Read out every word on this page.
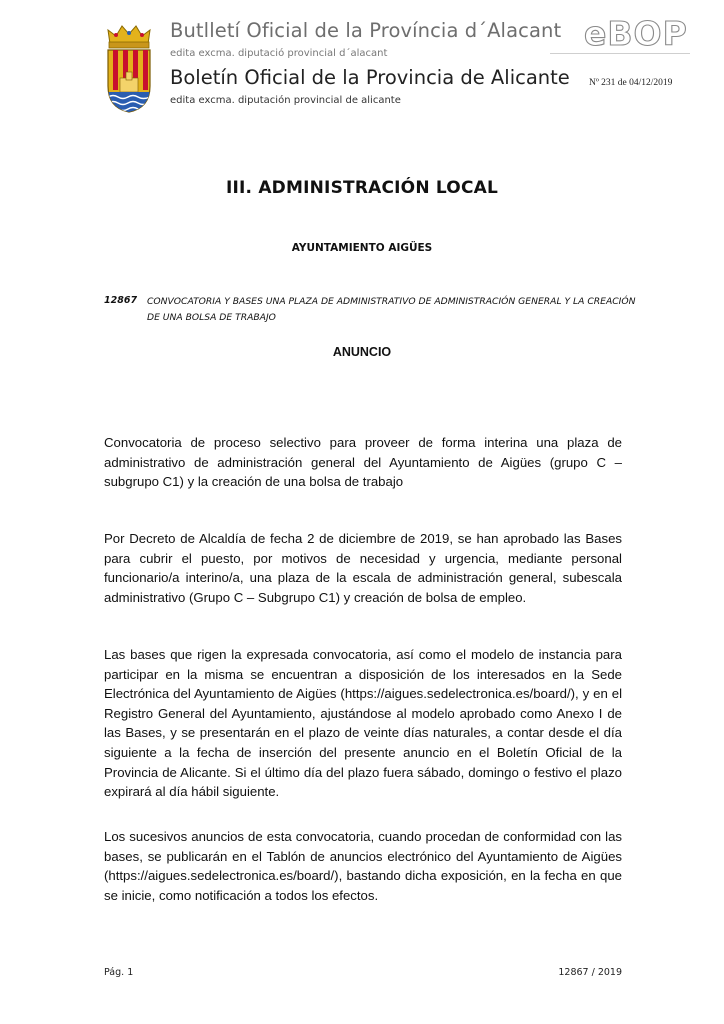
Butlletí Oficial de la Província d´Alacant
edita excma. diputació provincial d´alacant
Boletín Oficial de la Provincia de Alicante
edita excma. diputación provincial de alicante
eBOP
Nº 231 de 04/12/2019
III. ADMINISTRACIÓN LOCAL
AYUNTAMIENTO AIGÜES
12867 CONVOCATORIA Y BASES UNA PLAZA DE ADMINISTRATIVO DE ADMINISTRACIÓN GENERAL Y LA CREACIÓN DE UNA BOLSA DE TRABAJO
ANUNCIO

Convocatoria de proceso selectivo para proveer de forma interina una plaza de administrativo de administración general del Ayuntamiento de Aigües (grupo C – subgrupo C1) y la creación de una bolsa de trabajo

Por Decreto de Alcaldía de fecha 2 de diciembre de 2019, se han aprobado las Bases para cubrir el puesto, por motivos de necesidad y urgencia, mediante personal funcionario/a interino/a, una plaza de la escala de administración general, subescala administrativo (Grupo C – Subgrupo C1) y creación de bolsa de empleo.

Las bases que rigen la expresada convocatoria, así como el modelo de instancia para participar en la misma se encuentran a disposición de los interesados en la Sede Electrónica del Ayuntamiento de Aigües (https://aigues.sedelectronica.es/board/), y en el Registro General del Ayuntamiento, ajustándose al modelo aprobado como Anexo I de las Bases, y se presentarán en el plazo de veinte días naturales, a contar desde el día siguiente a la fecha de inserción del presente anuncio en el Boletín Oficial de la Provincia de Alicante. Si el último día del plazo fuera sábado, domingo o festivo el plazo expirará al día hábil siguiente.

Los sucesivos anuncios de esta convocatoria, cuando procedan de conformidad con las bases, se publicarán en el Tablón de anuncios electrónico del Ayuntamiento de Aigües (https://aigues.sedelectronica.es/board/), bastando dicha exposición, en la fecha en que se inicie, como notificación a todos los efectos.

Pág. 1	12867 / 2019
